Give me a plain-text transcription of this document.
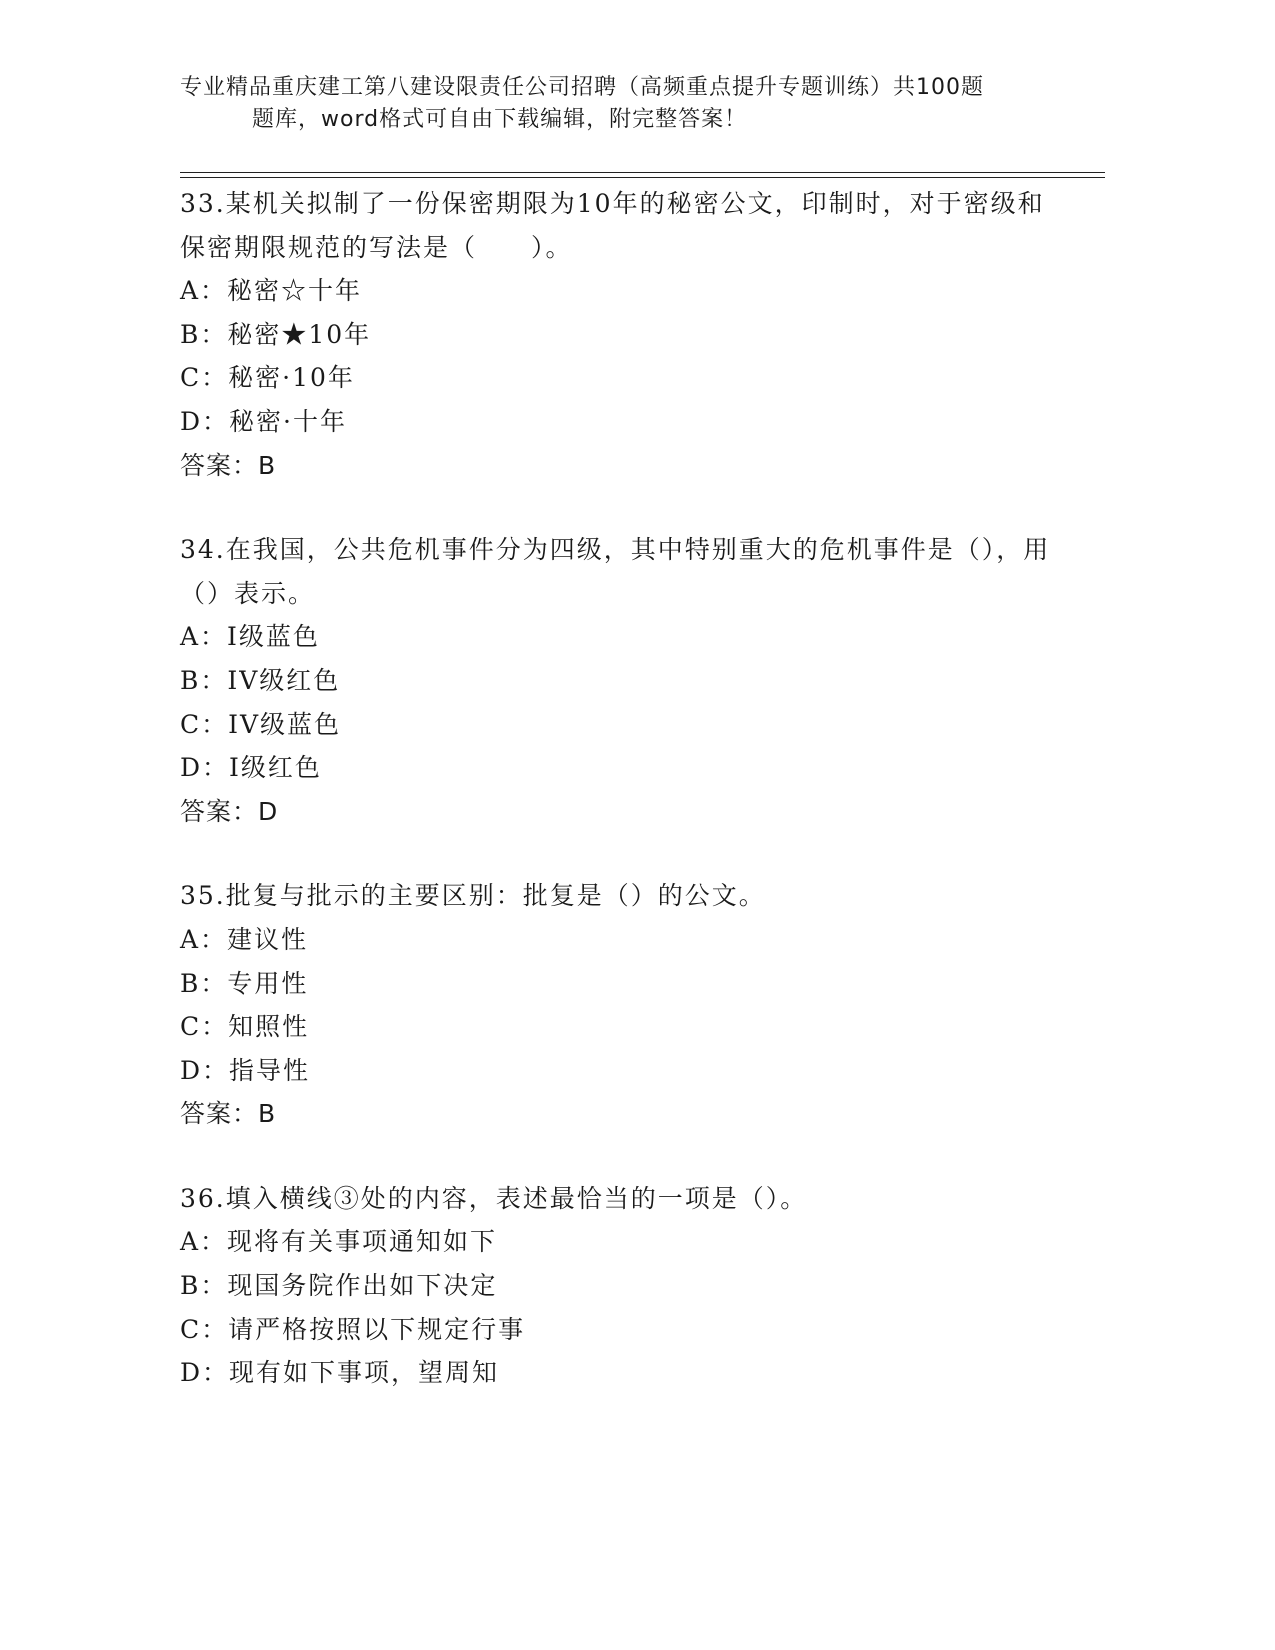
专业精品重庆建工第八建设限责任公司招聘（高频重点提升专题训练）共100题
题库，word格式可自由下载编辑，附完整答案！
33.某机关拟制了一份保密期限为10年的秘密公文，印制时，对于密级和保密期限规范的写法是（　　）。
A：秘密☆十年
B：秘密★10年
C：秘密·10年
D：秘密·十年
答案：B
34.在我国，公共危机事件分为四级，其中特别重大的危机事件是（），用（）表示。
A：I级蓝色
B：IV级红色
C：IV级蓝色
D：I级红色
答案：D
35.批复与批示的主要区别：批复是（）的公文。
A：建议性
B：专用性
C：知照性
D：指导性
答案：B
36.填入横线③处的内容，表述最恰当的一项是（）。
A：现将有关事项通知如下
B：现国务院作出如下决定
C：请严格按照以下规定行事
D：现有如下事项，望周知
